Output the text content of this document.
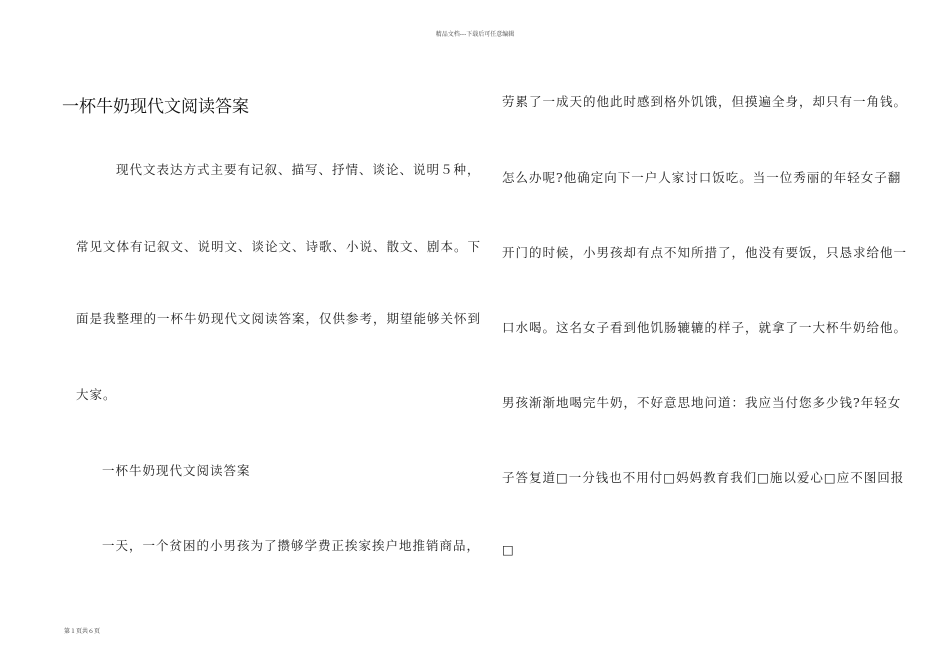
精品文档---下载后可任意编辑
一杯牛奶现代文阅读答案
现代文表达方式主要有记叙、描写、抒情、谈论、说明５种，
常见文体有记叙文、说明文、谈论文、诗歌、小说、散文、剧本。下
面是我整理的一杯牛奶现代文阅读答案，仅供参考，期望能够关怀到
大家。
一杯牛奶现代文阅读答案
一天，一个贫困的小男孩为了攒够学费正挨家挨户地推销商品，
劳累了一成天的他此时感到格外饥饿，但摸遍全身，却只有一角钱。
怎么办呢?他确定向下一户人家讨口饭吃。当一位秀丽的年轻女子翻
开门的时候，小男孩却有点不知所措了，他没有要饭，只恳求给他一
口水喝。这名女子看到他饥肠辘辘的样子，就拿了一大杯牛奶给他。
男孩渐渐地喝完牛奶，不好意思地问道：我应当付您多少钱?年轻女
子答复道□一分钱也不用付□妈妈教育我们□施以爱心□应不图回报
□
第１页共６页
